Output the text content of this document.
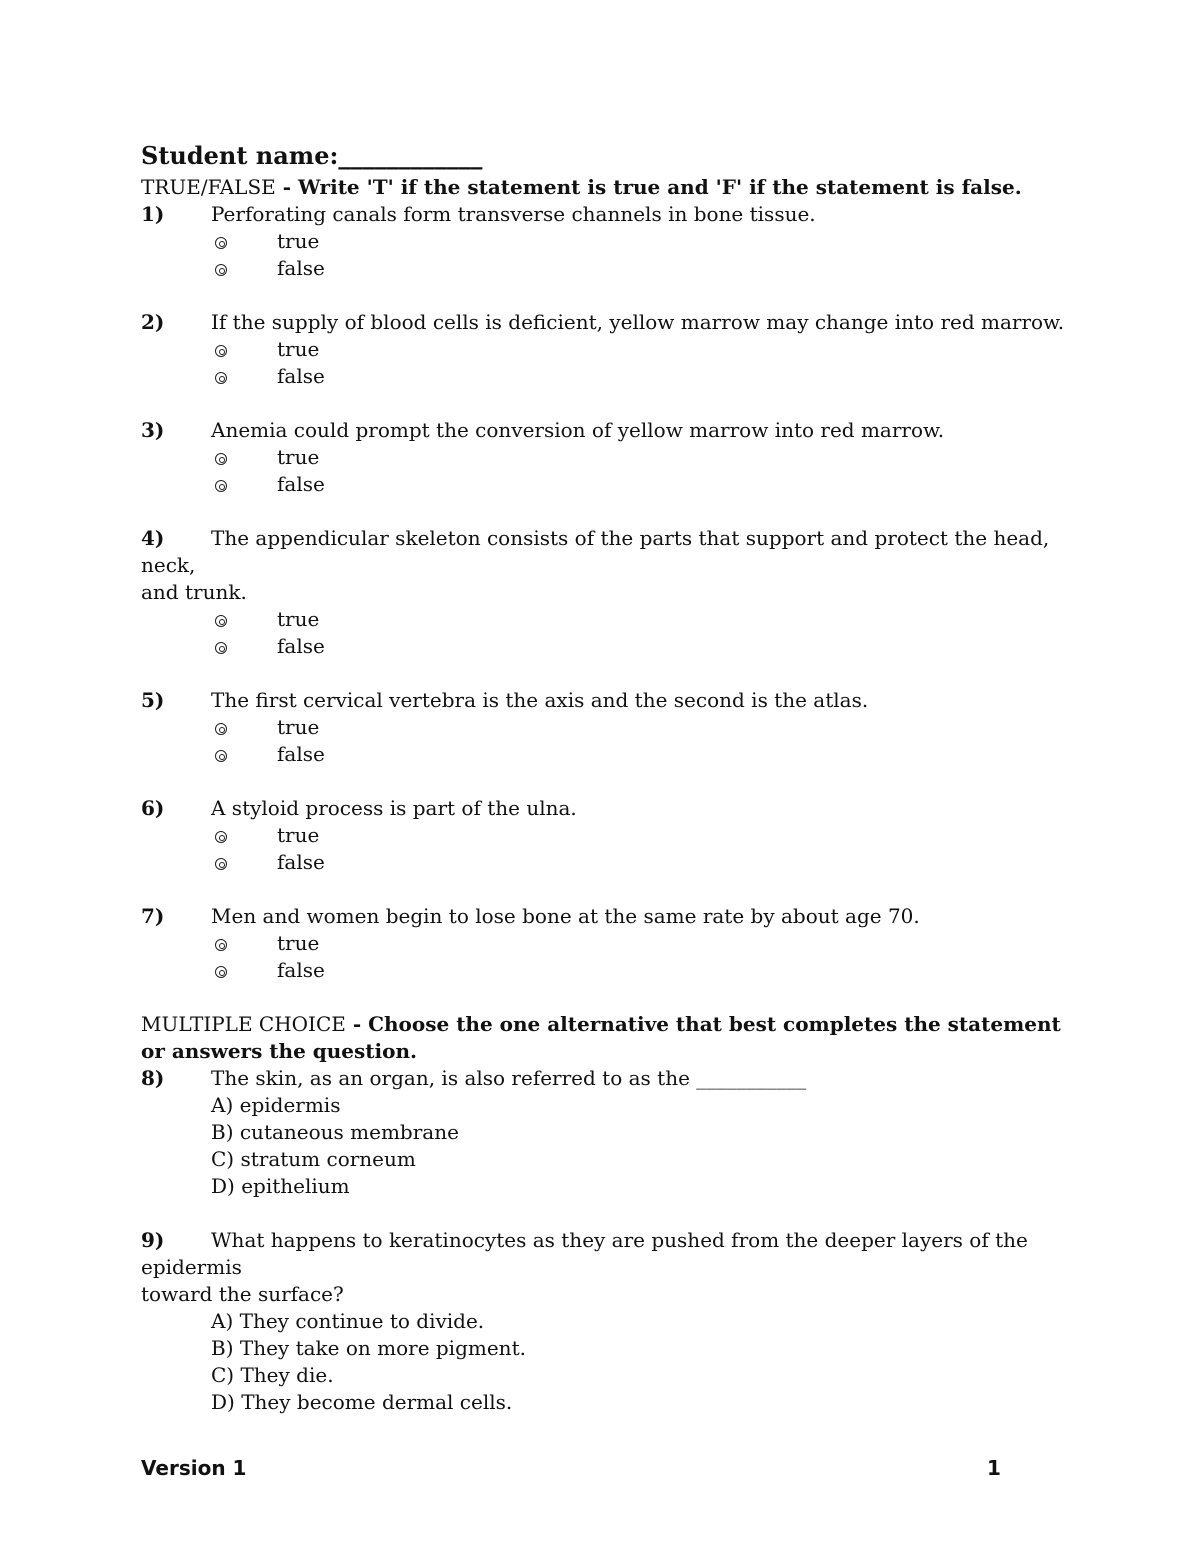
Student name:____________
TRUE/FALSE - Write 'T' if the statement is true and 'F' if the statement is false.
1) Perforating canals form transverse channels in bone tissue.
true
false
2) If the supply of blood cells is deficient, yellow marrow may change into red marrow.
true
false
3) Anemia could prompt the conversion of yellow marrow into red marrow.
true
false
4) The appendicular skeleton consists of the parts that support and protect the head, neck,
and trunk.
true
false
5) The first cervical vertebra is the axis and the second is the atlas.
true
false
6) A styloid process is part of the ulna.
true
false
7) Men and women begin to lose bone at the same rate by about age 70.
true
false
MULTIPLE CHOICE - Choose the one alternative that best completes the statement or answers the question.
8) The skin, as an organ, is also referred to as the ___________
A) epidermis
B) cutaneous membrane
C) stratum corneum
D) epithelium
9) What happens to keratinocytes as they are pushed from the deeper layers of the epidermis
toward the surface?
A) They continue to divide.
B) They take on more pigment.
C) They die.
D) They become dermal cells.
Version 1	1
